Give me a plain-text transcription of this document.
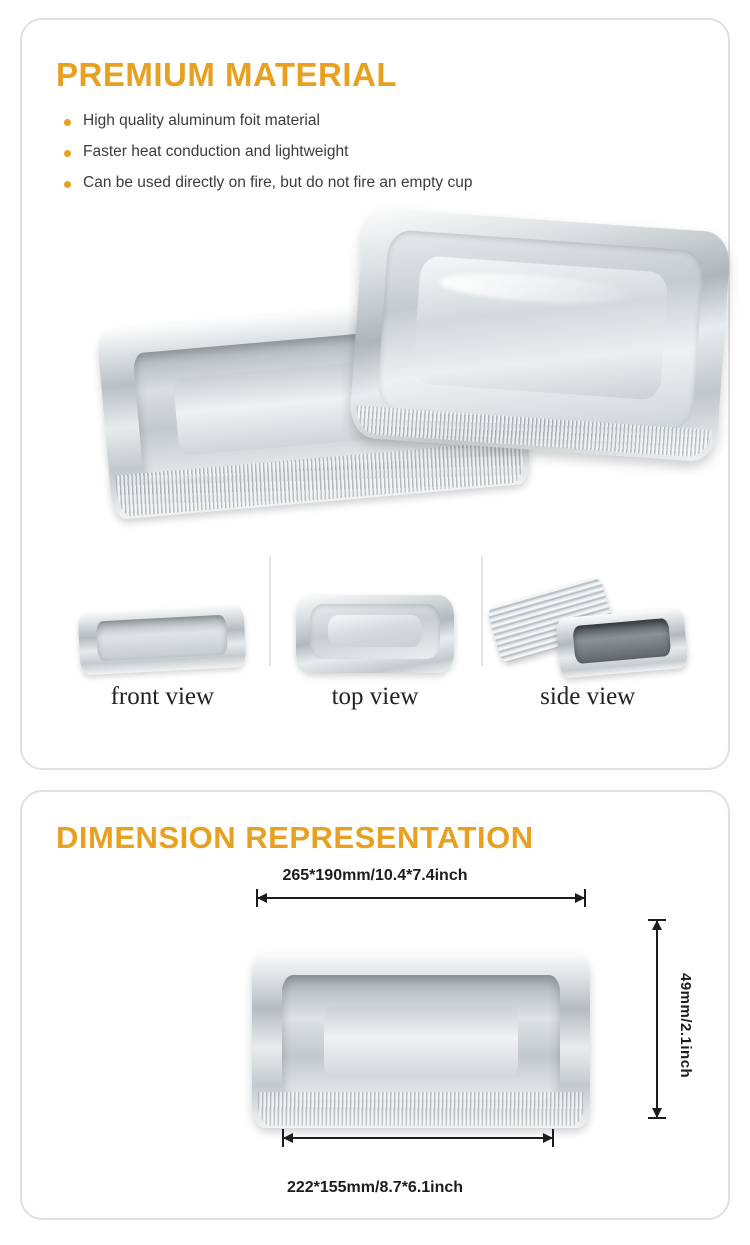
PREMIUM MATERIAL
High quality aluminum foit material
Faster heat conduction and lightweight
Can be used directly on fire, but do not fire an empty cup
front view	top view	side view
DIMENSION REPRESENTATION
265*190mm/10.4*7.4inch
49mm/2.1inch
222*155mm/8.7*6.1inch
